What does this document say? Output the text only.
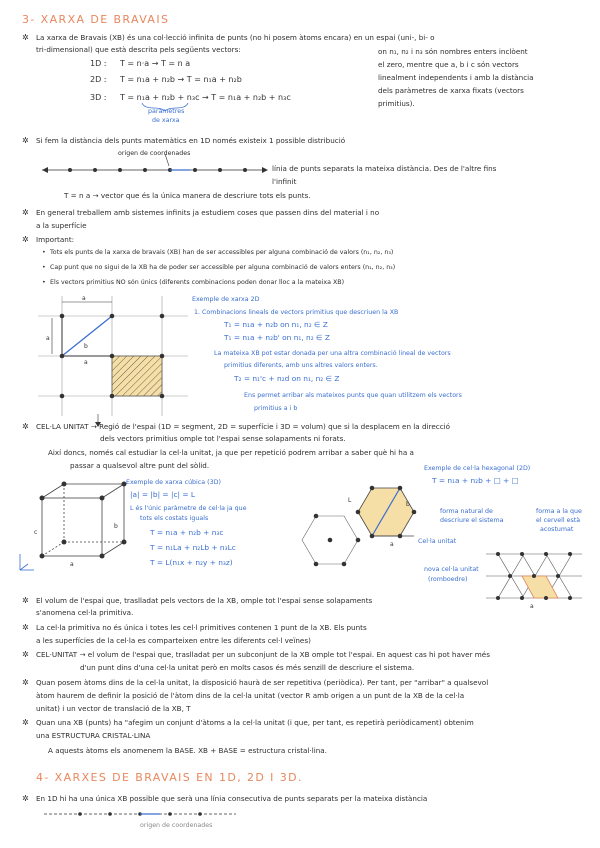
3- XARXA DE BRAVAIS
✲ La xarxa de Bravais (XB) és una col·lecció infinita de punts (no hi posem àtoms encara) en un espai (uni-, bi- o
tri-dimensional) que està descrita pels següents vectors:
1D : T = n·a → T = n a
2D : T = n₁a + n₂b → T = n₁a + n₂b
3D : T = n₁a + n₂b + n₃c → T = n₁a + n₂b + n₃c
paràmetres
de xarxa
on n₁, n₂ i n₃ són nombres enters inclòent
el zero, mentre que a, b i c són vectors
linealment independents i amb la distància
dels paràmetres de xarxa fixats (vectors
primitius).
✲ Si fem la distància dels punts matemàtics en 1D només existeix 1 possible distribució
origen de coordenades
línia de punts separats la mateixa distància. Des de l'altre fins
l'infinit
T = n a → vector que és la única manera de descriure tots els punts.
✲ En general treballem amb sistemes infinits ja estudiem coses que passen dins del material i no
a la superfície
✲ Important:
• Tots els punts de la xarxa de bravais (XB) han de ser accessibles per alguna combinació de valors (n₁, n₂, n₃)
• Cap punt que no sigui de la XB ha de poder ser accessible per alguna combinació de valors enters (n₁, n₂, n₃)
• Els vectors primitius NO són únics (diferents combinacions poden donar lloc a la mateixa XB)
b
a
a
a	Exemple de xarxa 2D
1. Combinacions lineals de vectors primitius que descriuen la XB
T₁ = n₁a + n₂b on n₁, n₂ ∈ Z
T₁ = n₁a + n₂b' on n₁, n₂ ∈ Z
La mateixa XB pot estar donada per una altra combinació lineal de vectors
primitius diferents, amb uns altres valors enters.
T₂ = n₁'c + n₂d on n₁, n₂ ∈ Z
Ens permet arribar als mateixos punts que quan utilitzem els vectors
primitius a i b
✲ CEL·LA UNITAT → Regió de l'espai (1D = segment, 2D = superfície i 3D = volum) que si la desplacem en la direcció
dels vectors primitius omple tot l'espai sense solapaments ni forats.
Així doncs, només cal estudiar la cel·la unitat, ja que per repetició podrem arribar a saber què hi ha a
passar a qualsevol altre punt del sòlid.
c
a
b
Exemple de xarxa cúbica (3D)
|a| = |b| = |c| = L
L és l'únic paràmetre de cel·la ja que
tots els costats iguals
T = n₁a + n₂b + n₃c
T = n₁La + n₂Lb + n₃Lc
T = L(n₁x + n₂y + n₃z)
L
b
a
Exemple de cel·la hexagonal (2D)
T = n₁a + n₂b + □ + □
forma natural de
descriure el sistema
forma a la que
el cervell està
acostumat
Cel·la unitat
nova cel·la unitat
(romboedre)
a
✲ El volum de l'espai que, traslladat pels vectors de la XB, omple tot l'espai sense solapaments
s'anomena cel·la primitiva.
✲ La cel·la primitiva no és única i totes les cel·l primitives contenen 1 punt de la XB. Els punts
a les superfícies de la cel·la es comparteixen entre les diferents cel·l veïnes)
✲ CEL·UNITAT → el volum de l'espai que, traslladat per un subconjunt de la XB omple tot l'espai. En aquest cas hi pot haver més
d'un punt dins d'una cel·la unitat però en molts casos és més senzill de descriure el sistema.
✲ Quan posem àtoms dins de la cel·la unitat, la disposició haurà de ser repetitiva (periòdica). Per tant, per "arribar" a qualsevol
àtom haurem de definir la posició de l'àtom dins de la cel·la unitat (vector R amb origen a un punt de la XB de la cel·la
unitat) i un vector de translació de la XB, T
✲ Quan una XB (punts) ha "afegim un conjunt d'àtoms a la cel·la unitat (i que, per tant, es repetirà periòdicament) obtenim
una ESTRUCTURA CRISTAL·LINA
A aquests àtoms els anomenem la BASE. XB + BASE = estructura cristal·lina.
4- XARXES DE BRAVAIS EN 1D, 2D I 3D.
✲ En 1D hi ha una única XB possible que serà una línia consecutiva de punts separats per la mateixa distància
origen de coordenades
